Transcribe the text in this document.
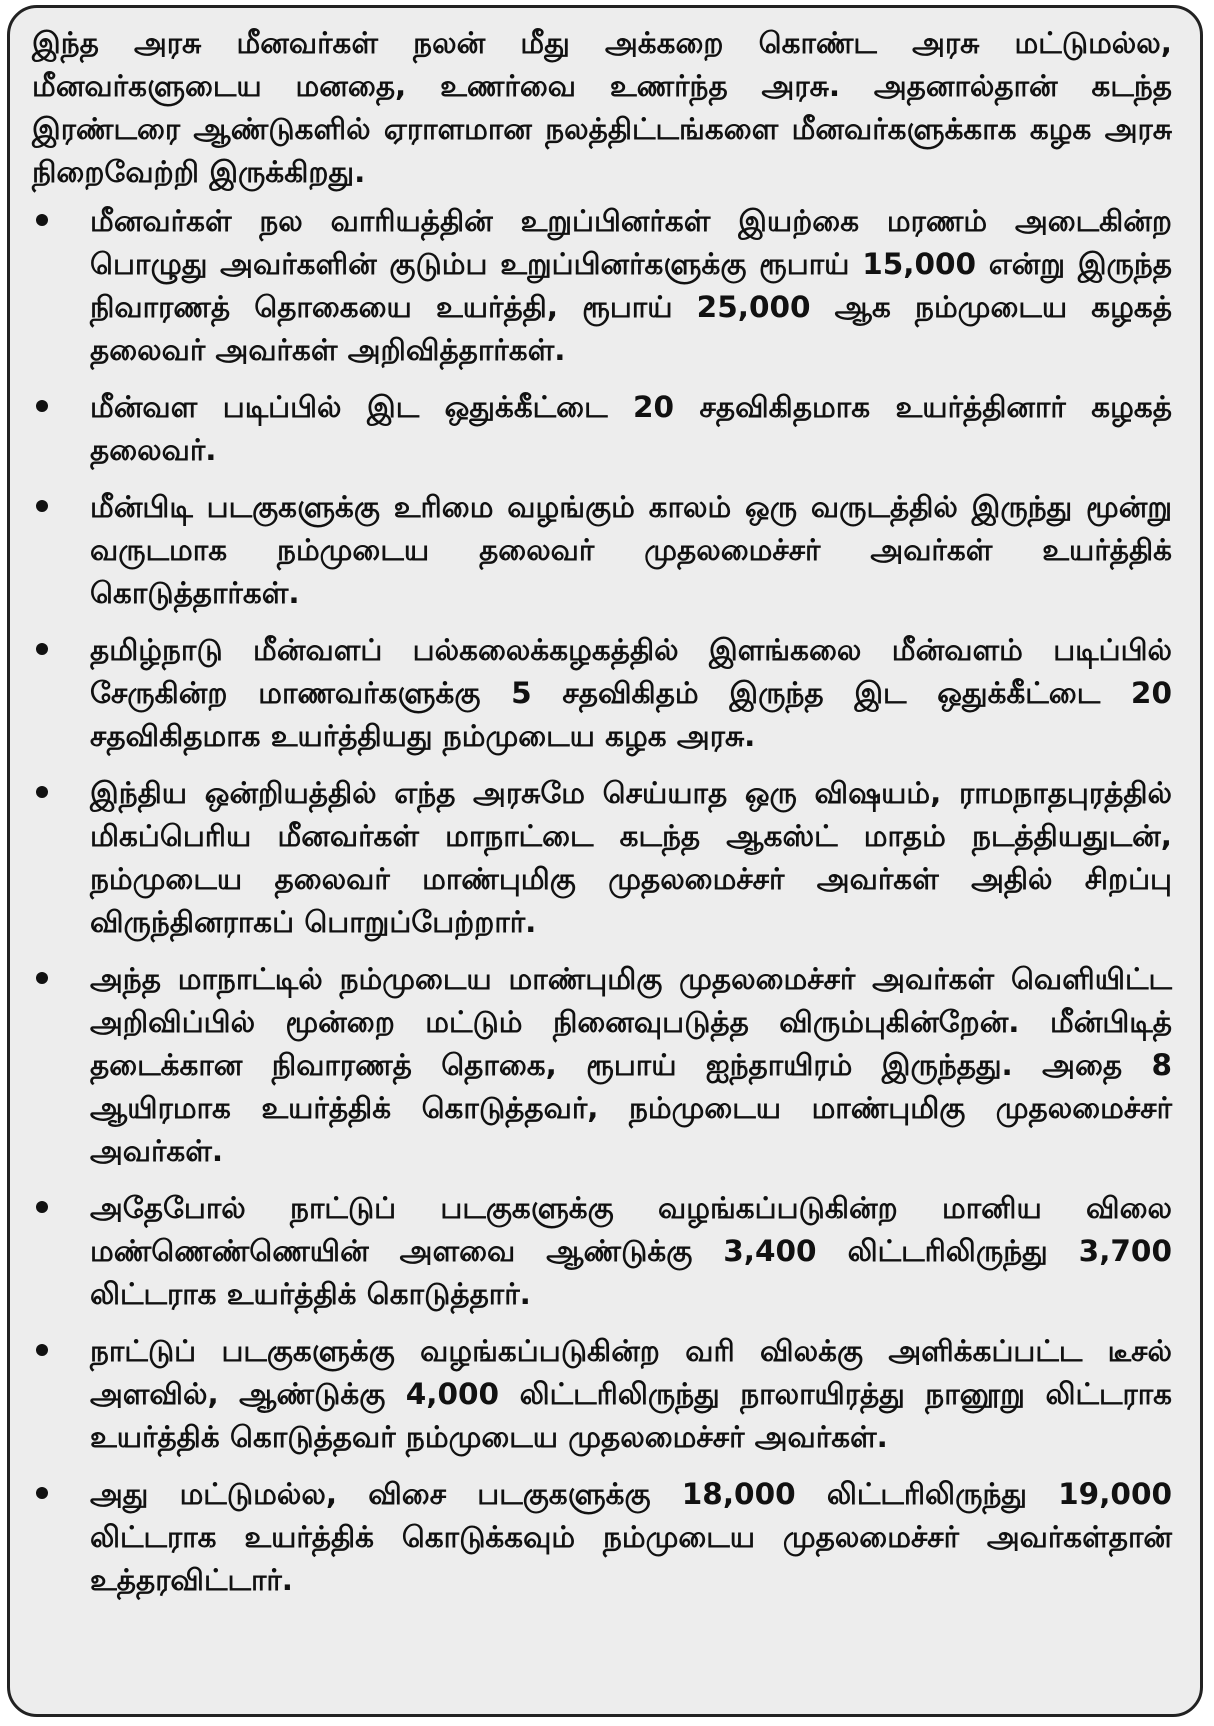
இந்த அரசு மீனவர்கள் நலன் மீது அக்கறை கொண்ட அரசு மட்டுமல்ல, மீனவர்களுடைய மனதை, உணர்வை உணர்ந்த அரசு. அதனால்தான் கடந்த இரண்டரை ஆண்டுகளில் ஏராளமான நலத்திட்டங்களை மீனவர்களுக்காக கழக அரசு நிறைவேற்றி இருக்கிறது.

மீனவர்கள் நல வாரியத்தின் உறுப்பினர்கள் இயற்கை மரணம் அடைகின்ற பொழுது அவர்களின் குடும்ப உறுப்பினர்களுக்கு ரூபாய் 15,000 என்று இருந்த நிவாரணத் தொகையை உயர்த்தி, ரூபாய் 25,000 ஆக நம்முடைய கழகத் தலைவர் அவர்கள் அறிவித்தார்கள்.
மீன்வள படிப்பில் இட ஒதுக்கீட்டை 20 சதவிகிதமாக உயர்த்தினார் கழகத் தலைவர்.
மீன்பிடி படகுகளுக்கு உரிமை வழங்கும் காலம் ஒரு வருடத்தில் இருந்து மூன்று வருடமாக நம்முடைய தலைவர் முதலமைச்சர் அவர்கள் உயர்த்திக் கொடுத்தார்கள்.
தமிழ்நாடு மீன்வளப் பல்கலைக்கழகத்தில் இளங்கலை மீன்வளம் படிப்பில் சேருகின்ற மாணவர்களுக்கு 5 சதவிகிதம் இருந்த இட ஒதுக்கீட்டை 20 சதவிகிதமாக உயர்த்தியது நம்முடைய கழக அரசு.
இந்திய ஒன்றியத்தில் எந்த அரசுமே செய்யாத ஒரு விஷயம், ராமநாதபுரத்தில் மிகப்பெரிய மீனவர்கள் மாநாட்டை கடந்த ஆகஸ்ட் மாதம் நடத்தியதுடன், நம்முடைய தலைவர் மாண்புமிகு முதலமைச்சர் அவர்கள் அதில் சிறப்பு விருந்தினராகப் பொறுப்பேற்றார்.
அந்த மாநாட்டில் நம்முடைய மாண்புமிகு முதலமைச்சர் அவர்கள் வெளியிட்ட அறிவிப்பில் மூன்றை மட்டும் நினைவுபடுத்த விரும்புகின்றேன். மீன்பிடித் தடைக்கான நிவாரணத் தொகை, ரூபாய் ஐந்தாயிரம் இருந்தது. அதை 8 ஆயிரமாக உயர்த்திக் கொடுத்தவர், நம்முடைய மாண்புமிகு முதலமைச்சர் அவர்கள்.
அதேபோல் நாட்டுப் படகுகளுக்கு வழங்கப்படுகின்ற மானிய விலை மண்ணெண்ணெயின் அளவை ஆண்டுக்கு 3,400 லிட்டரிலிருந்து 3,700 லிட்டராக உயர்த்திக் கொடுத்தார்.
நாட்டுப் படகுகளுக்கு வழங்கப்படுகின்ற வரி விலக்கு அளிக்கப்பட்ட டீசல் அளவில், ஆண்டுக்கு 4,000 லிட்டரிலிருந்து நாலாயிரத்து நானூறு லிட்டராக உயர்த்திக் கொடுத்தவர் நம்முடைய முதலமைச்சர் அவர்கள்.
அது மட்டுமல்ல, விசை படகுகளுக்கு 18,000 லிட்டரிலிருந்து 19,000 லிட்டராக உயர்த்திக் கொடுக்கவும் நம்முடைய முதலமைச்சர் அவர்கள்தான் உத்தரவிட்டார்.
